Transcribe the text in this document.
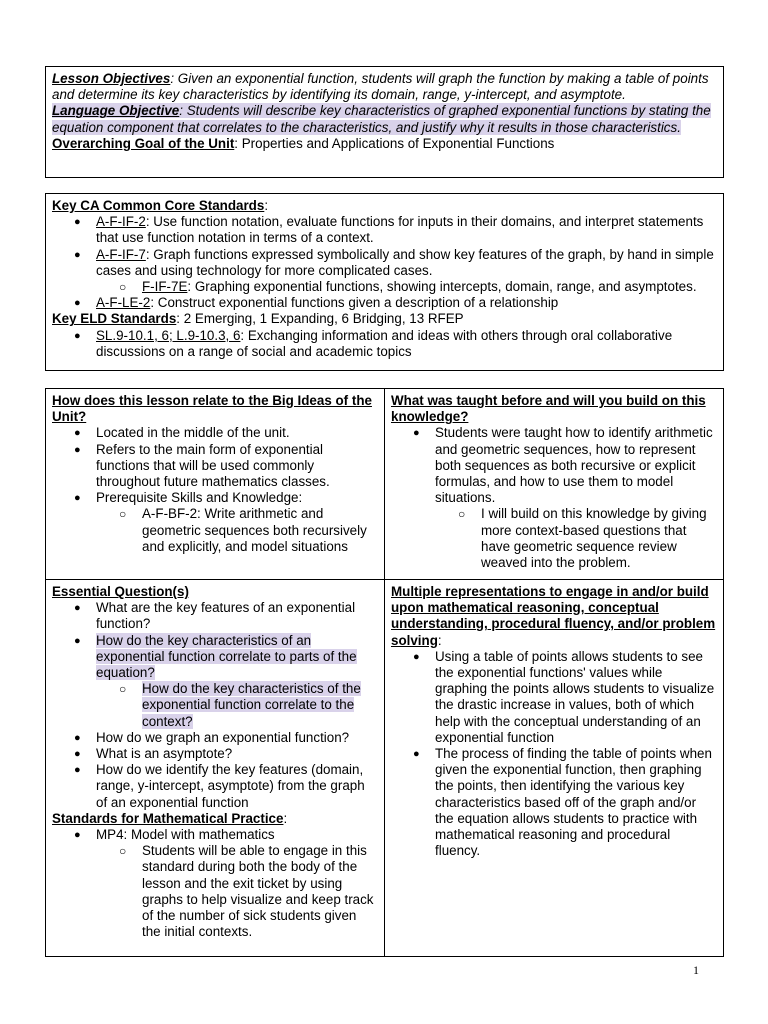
Lesson Objectives: Given an exponential function, students will graph the function by making a table of points and determine its key characteristics by identifying its domain, range, y-intercept, and asymptote.
Language Objective: Students will describe key characteristics of graphed exponential functions by stating the equation component that correlates to the characteristics, and justify why it results in those characteristics.
Overarching Goal of the Unit: Properties and Applications of Exponential Functions
Key CA Common Core Standards:
● A-F-IF-2: Use function notation, evaluate functions for inputs in their domains, and interpret statements that use function notation in terms of a context.
● A-F-IF-7: Graph functions expressed symbolically and show key features of the graph, by hand in simple cases and using technology for more complicated cases.
○ F-IF-7E: Graphing exponential functions, showing intercepts, domain, range, and asymptotes.
● A-F-LE-2: Construct exponential functions given a description of a relationship
Key ELD Standards: 2 Emerging, 1 Expanding, 6 Bridging, 13 RFEP
● SL.9-10.1, 6; L.9-10.3, 6: Exchanging information and ideas with others through oral collaborative discussions on a range of social and academic topics
How does this lesson relate to the Big Ideas of the Unit?
● Located in the middle of the unit.
● Refers to the main form of exponential functions that will be used commonly throughout future mathematics classes.
● Prerequisite Skills and Knowledge:
○ A-F-BF-2: Write arithmetic and geometric sequences both recursively and explicitly, and model situations
What was taught before and will you build on this knowledge?
● Students were taught how to identify arithmetic and geometric sequences, how to represent both sequences as both recursive or explicit formulas, and how to use them to model situations.
○ I will build on this knowledge by giving more context-based questions that have geometric sequence review weaved into the problem.
Essential Question(s)
● What are the key features of an exponential function?
● How do the key characteristics of an exponential function correlate to parts of the equation?
○ How do the key characteristics of the exponential function correlate to the context?
● How do we graph an exponential function?
● What is an asymptote?
● How do we identify the key features (domain, range, y-intercept, asymptote) from the graph of an exponential function
Standards for Mathematical Practice:
● MP4: Model with mathematics
○ Students will be able to engage in this standard during both the body of the lesson and the exit ticket by using graphs to help visualize and keep track of the number of sick students given the initial contexts.
Multiple representations to engage in and/or build upon mathematical reasoning, conceptual understanding, procedural fluency, and/or problem solving:
● Using a table of points allows students to see the exponential functions' values while graphing the points allows students to visualize the drastic increase in values, both of which help with the conceptual understanding of an exponential function
● The process of finding the table of points when given the exponential function, then graphing the points, then identifying the various key characteristics based off of the graph and/or the equation allows students to practice with mathematical reasoning and procedural fluency.
1
